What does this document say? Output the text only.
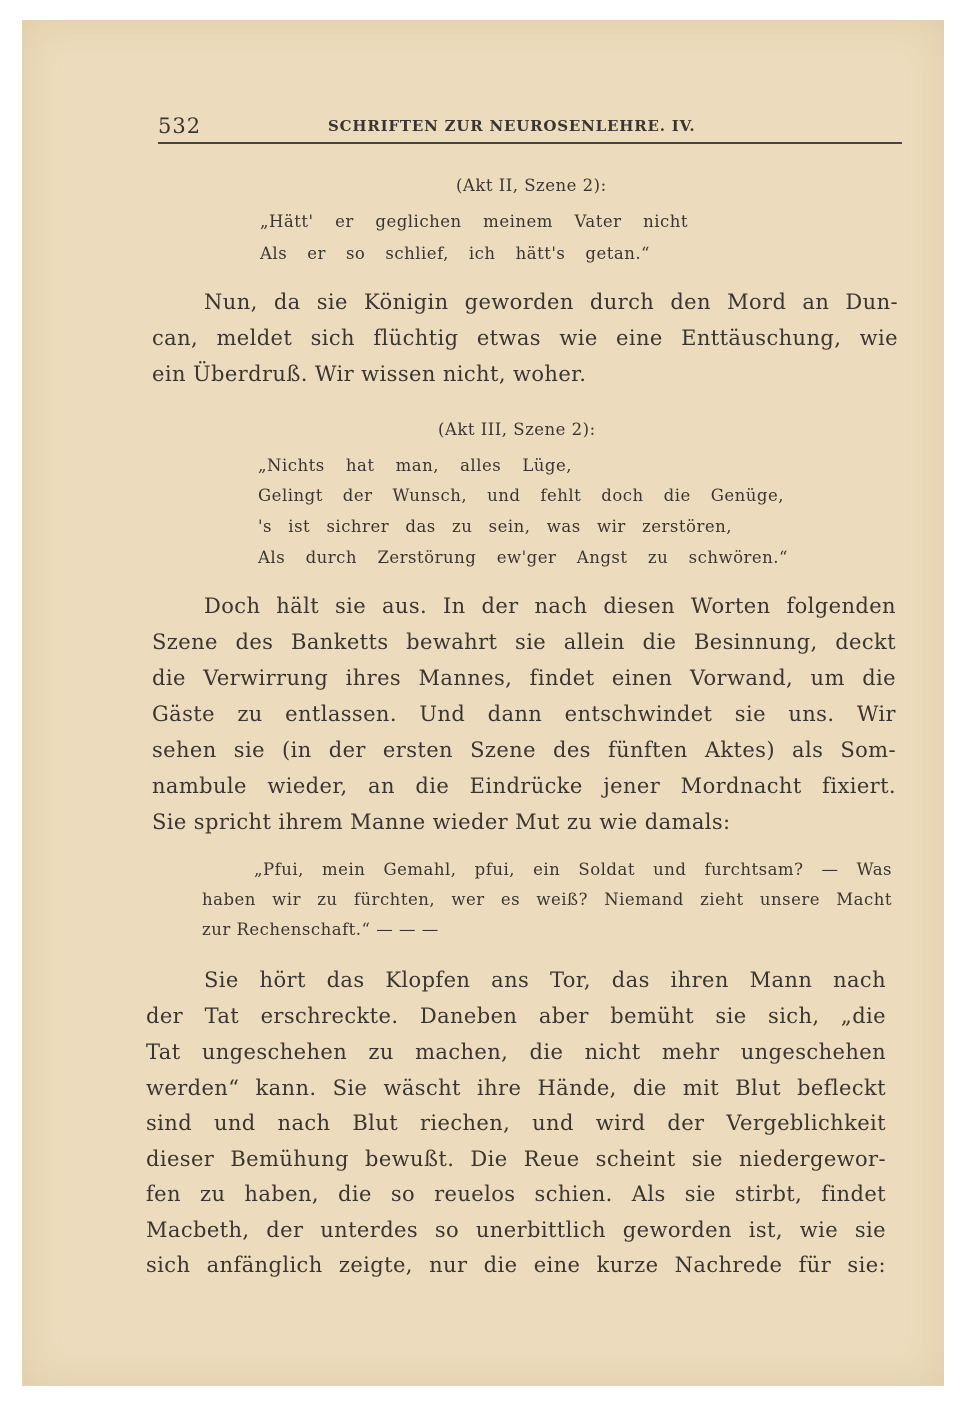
532	SCHRIFTEN ZUR NEUROSENLEHRE. IV.
(Akt II, Szene 2):
„Hätt' er geglichen meinem Vater nicht
Als er so schlief, ich hätt's getan.“
Nun, da sie Königin geworden durch den Mord an Dun-
can, meldet sich flüchtig etwas wie eine Enttäuschung, wie
ein Überdruß. Wir wissen nicht, woher.
(Akt III, Szene 2):
„Nichts hat man, alles Lüge,
Gelingt der Wunsch, und fehlt doch die Genüge,
's ist sichrer das zu sein, was wir zerstören,
Als durch Zerstörung ew'ger Angst zu schwören.“
Doch hält sie aus. In der nach diesen Worten folgenden
Szene des Banketts bewahrt sie allein die Besinnung, deckt
die Verwirrung ihres Mannes, findet einen Vorwand, um die
Gäste zu entlassen. Und dann entschwindet sie uns. Wir
sehen sie (in der ersten Szene des fünften Aktes) als Som-
nambule wieder, an die Eindrücke jener Mordnacht fixiert.
Sie spricht ihrem Manne wieder Mut zu wie damals:
„Pfui, mein Gemahl, pfui, ein Soldat und furchtsam? — Was
haben wir zu fürchten, wer es weiß? Niemand zieht unsere Macht
zur Rechenschaft.“ — — —
Sie hört das Klopfen ans Tor, das ihren Mann nach
der Tat erschreckte. Daneben aber bemüht sie sich, „die
Tat ungeschehen zu machen, die nicht mehr ungeschehen
werden“ kann. Sie wäscht ihre Hände, die mit Blut befleckt
sind und nach Blut riechen, und wird der Vergeblichkeit
dieser Bemühung bewußt. Die Reue scheint sie niedergewor-
fen zu haben, die so reuelos schien. Als sie stirbt, findet
Macbeth, der unterdes so unerbittlich geworden ist, wie sie
sich anfänglich zeigte, nur die eine kurze Nachrede für sie:
